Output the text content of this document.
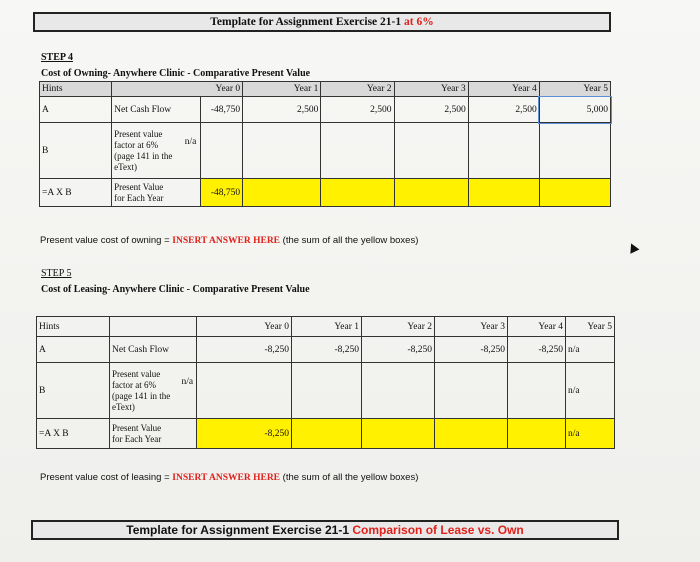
Template for Assignment Exercise 21-1 at 6%
STEP 4
Cost of Owning- Anywhere Clinic - Comparative Present Value
Hints			Year 0	Year 1	Year 2	Year 3	Year 4	Year 5
A	Net Cash Flow		-48,750	2,500	2,500	2,500	2,500	5,000
B	Present value
factor at 6%
(page 141 in the
eText)	n/a						
=A X B	Present Value
for Each Year		-48,750					
Present value cost of owning = INSERT ANSWER HERE (the sum of all the yellow boxes)
STEP 5
Cost of Leasing- Anywhere Clinic - Comparative Present Value
Hints			Year 0	Year 1	Year 2	Year 3	Year 4	Year 5
A	Net Cash Flow		-8,250	-8,250	-8,250	-8,250	-8,250	n/a
B	Present value
factor at 6%
(page 141 in the
eText)	n/a						n/a
=A X B	Present Value
for Each Year		-8,250					n/a
Present value cost of leasing = INSERT ANSWER HERE (the sum of all the yellow boxes)
Template for Assignment Exercise 21-1 Comparison of Lease vs. Own
